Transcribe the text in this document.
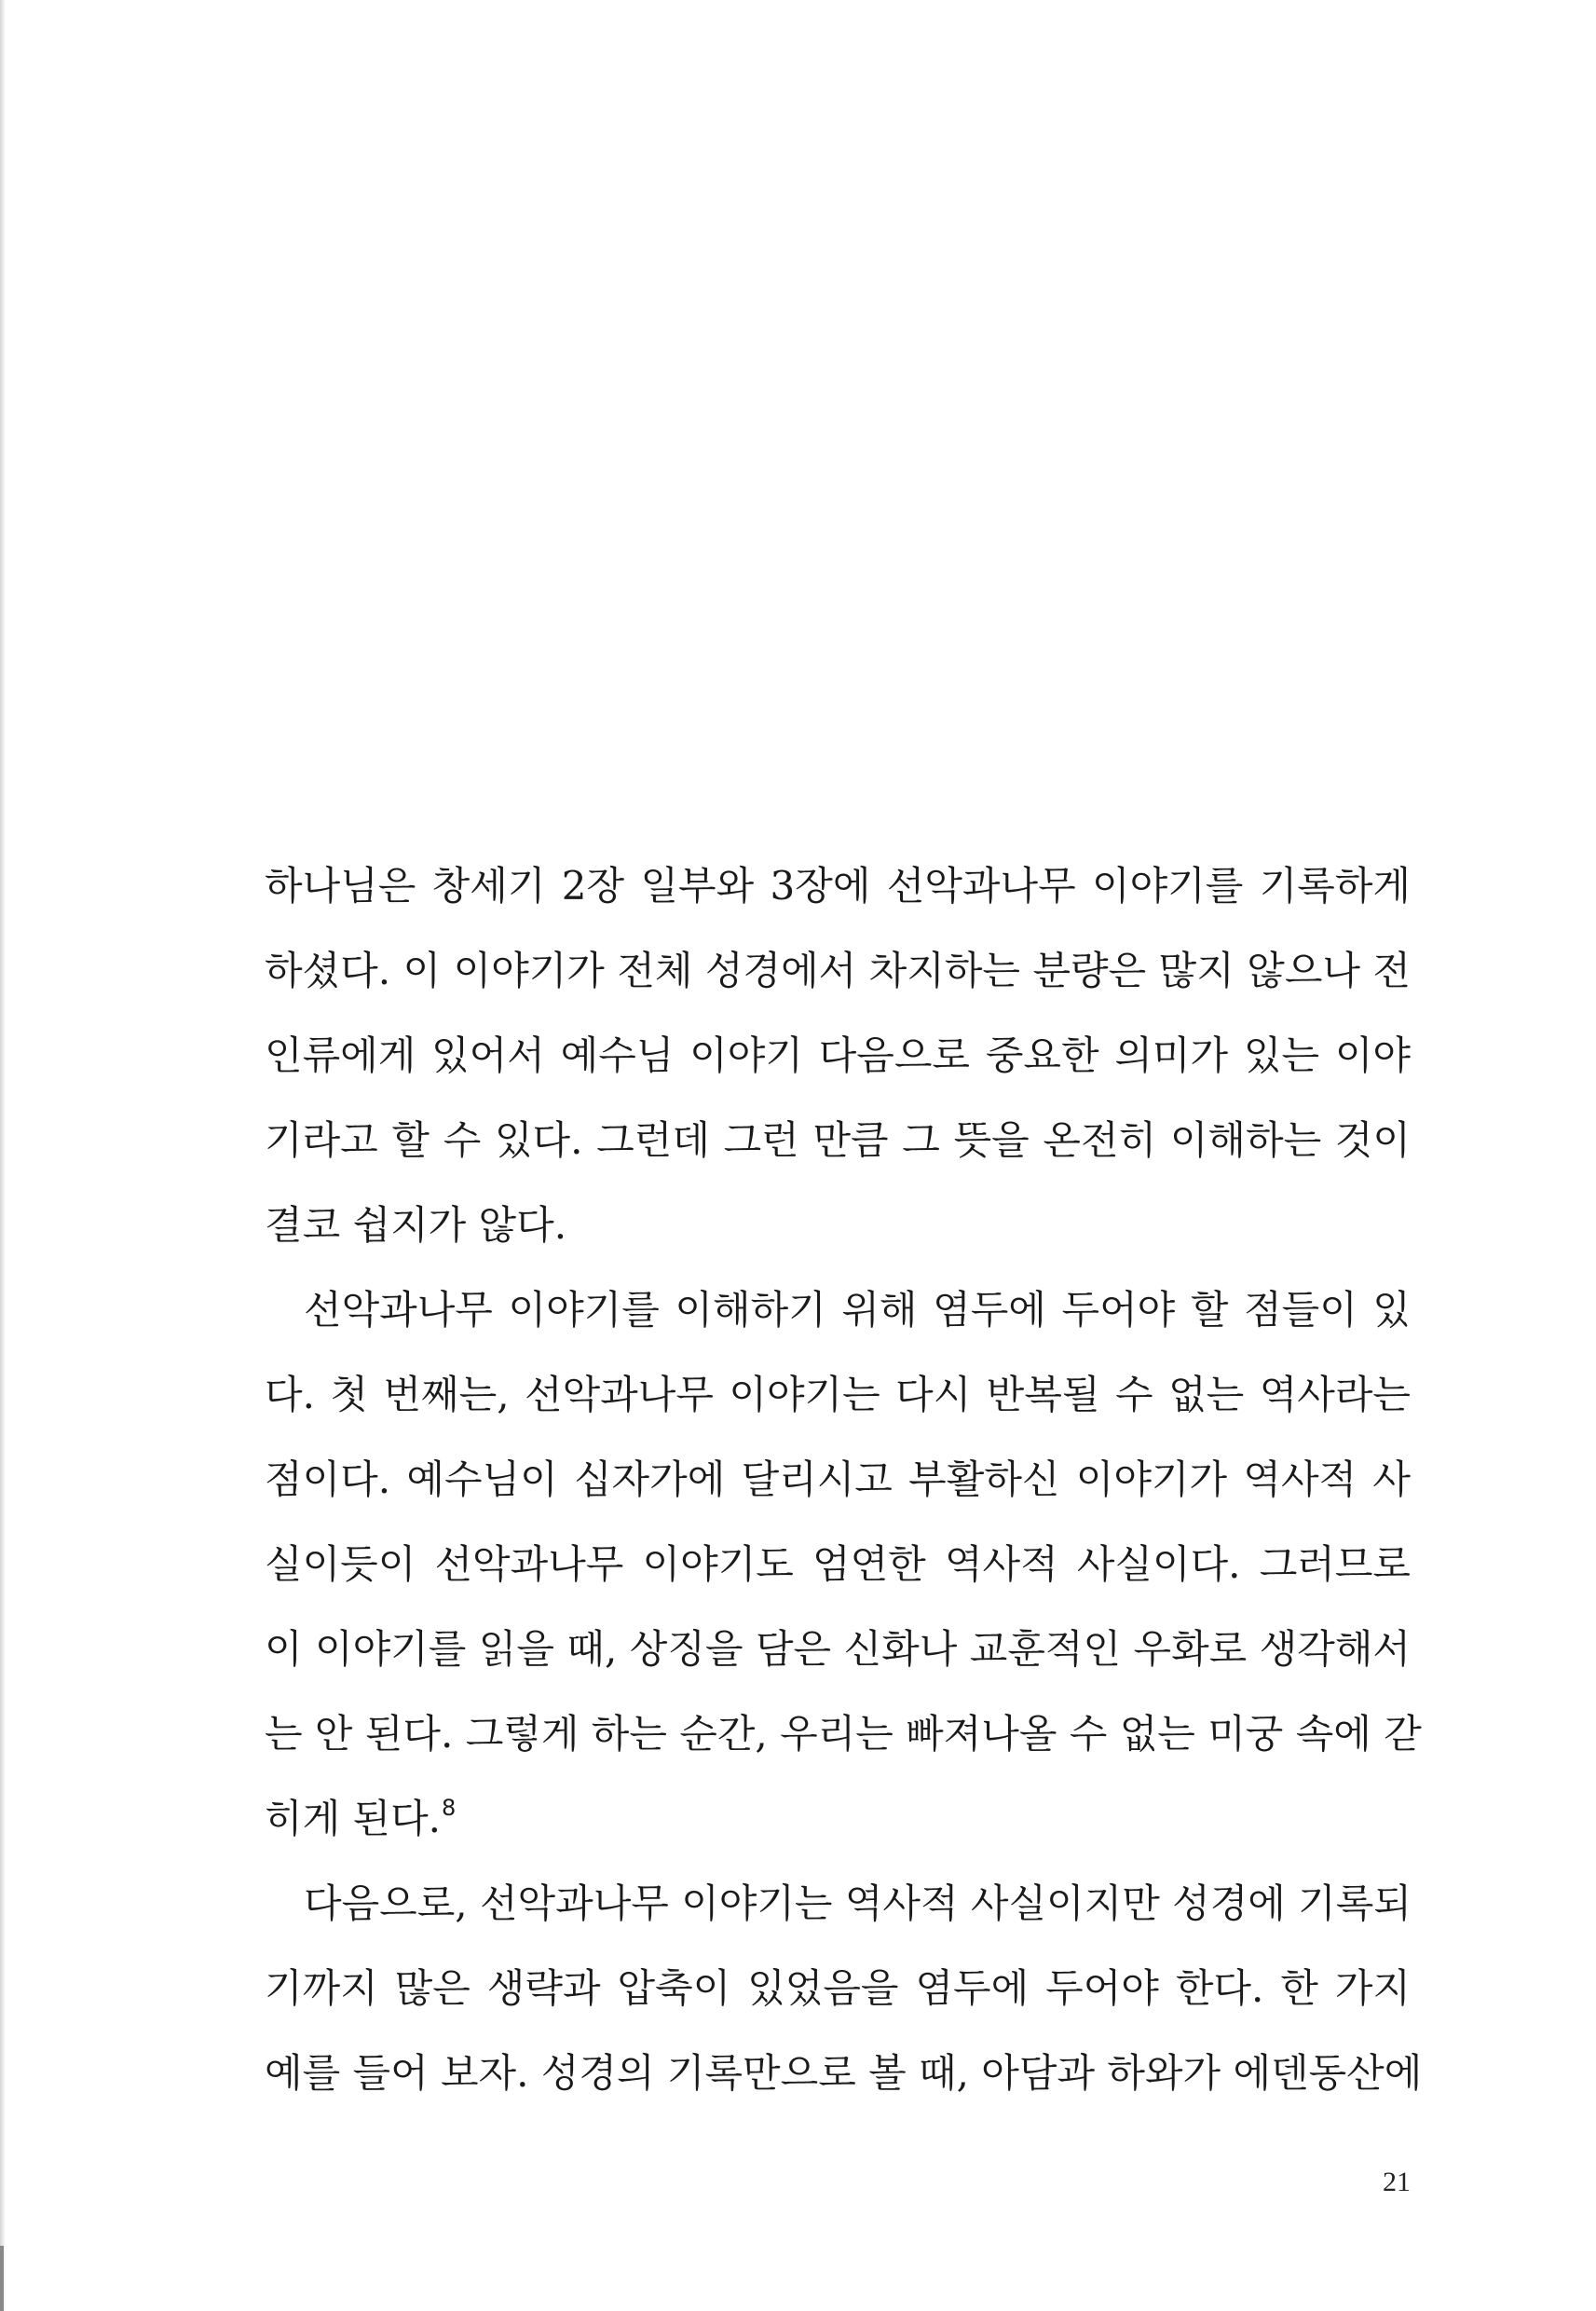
하나님은 창세기 2장 일부와 3장에 선악과나무 이야기를 기록하게
하셨다. 이 이야기가 전체 성경에서 차지하는 분량은 많지 않으나 전
인류에게 있어서 예수님 이야기 다음으로 중요한 의미가 있는 이야
기라고 할 수 있다. 그런데 그런 만큼 그 뜻을 온전히 이해하는 것이
결코 쉽지가 않다.
선악과나무 이야기를 이해하기 위해 염두에 두어야 할 점들이 있
다. 첫 번째는, 선악과나무 이야기는 다시 반복될 수 없는 역사라는
점이다. 예수님이 십자가에 달리시고 부활하신 이야기가 역사적 사
실이듯이 선악과나무 이야기도 엄연한 역사적 사실이다. 그러므로
이 이야기를 읽을 때, 상징을 담은 신화나 교훈적인 우화로 생각해서
는 안 된다. 그렇게 하는 순간, 우리는 빠져나올 수 없는 미궁 속에 갇
히게 된다.$^8$
다음으로, 선악과나무 이야기는 역사적 사실이지만 성경에 기록되
기까지 많은 생략과 압축이 있었음을 염두에 두어야 한다. 한 가지
예를 들어 보자. 성경의 기록만으로 볼 때, 아담과 하와가 에덴동산에
21
